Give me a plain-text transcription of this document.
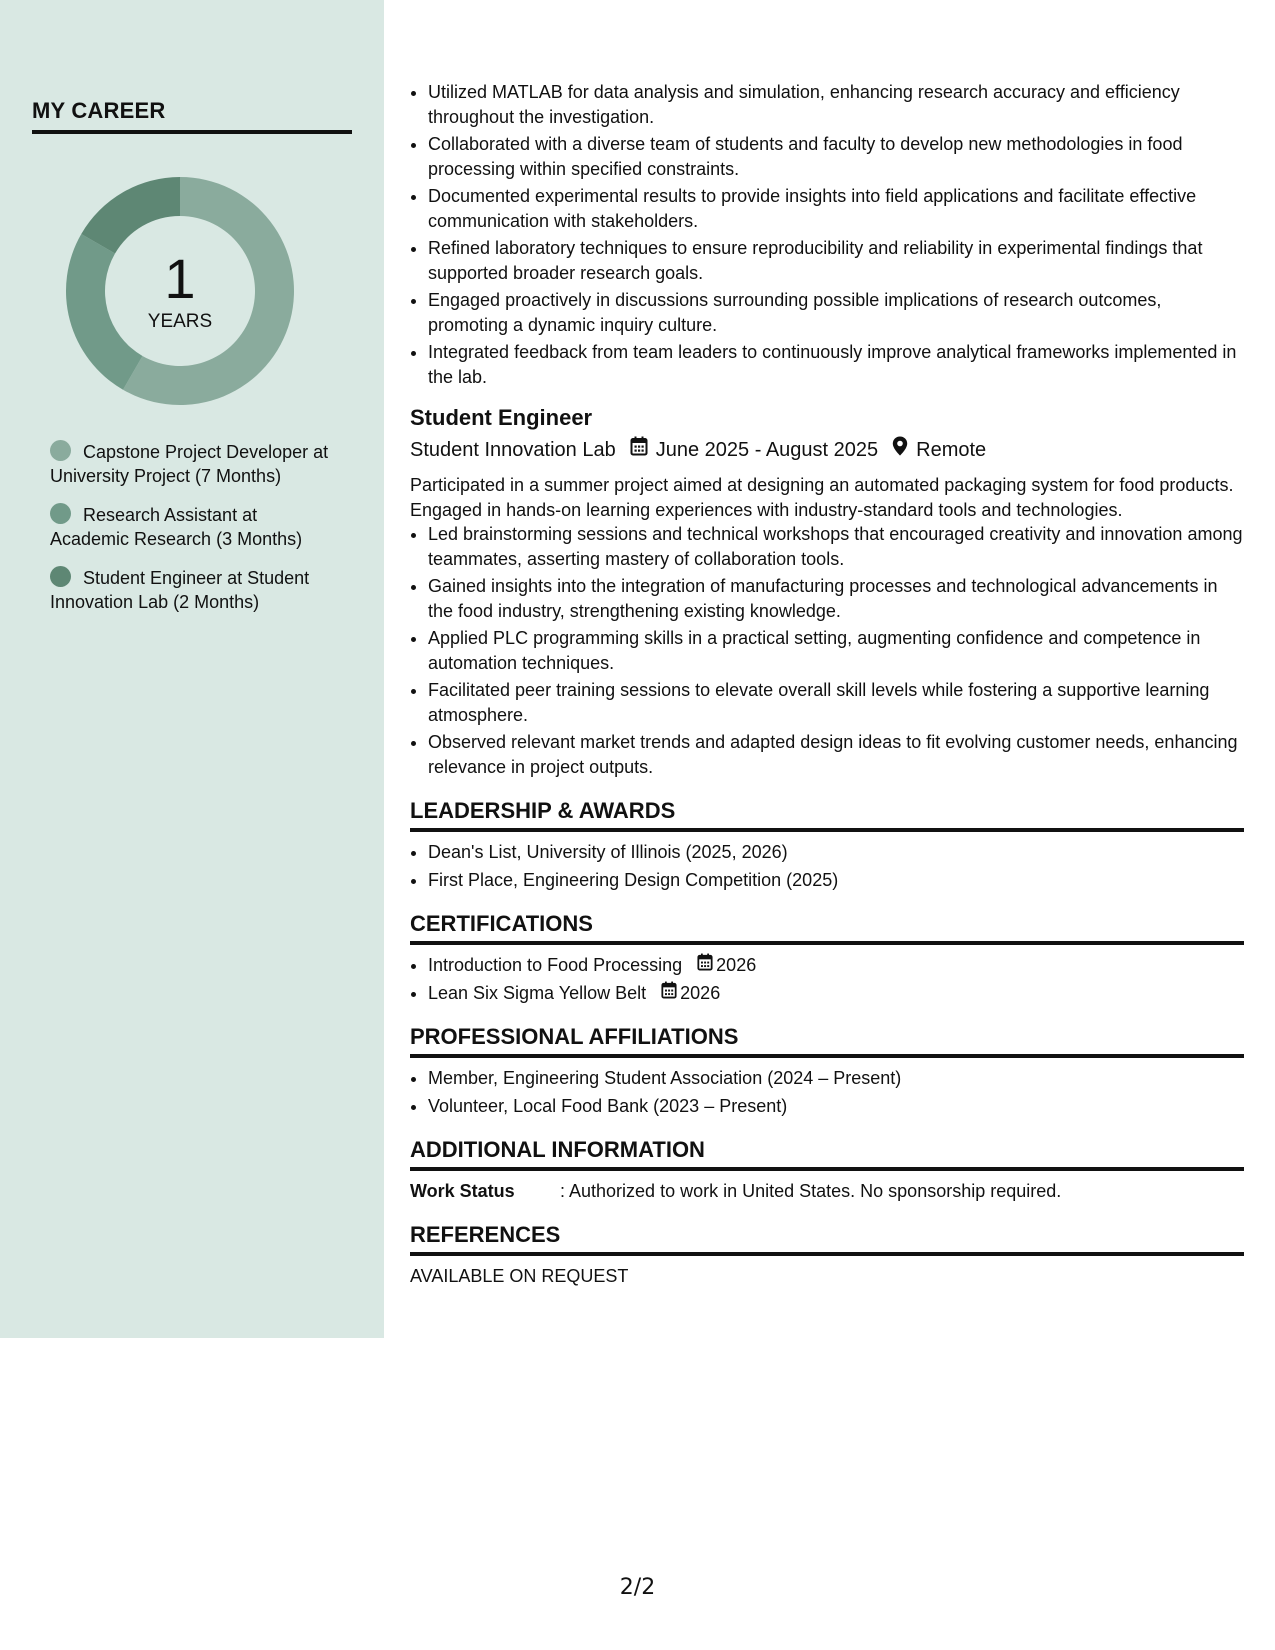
MY CAREER
1
YEARS
Capstone Project Developer at University Project (7 Months)
Research Assistant at Academic Research (3 Months)
Student Engineer at Student Innovation Lab (2 Months)
• Utilized MATLAB for data analysis and simulation, enhancing research accuracy and efficiency throughout the investigation.
• Collaborated with a diverse team of students and faculty to develop new methodologies in food processing within specified constraints.
• Documented experimental results to provide insights into field applications and facilitate effective communication with stakeholders.
• Refined laboratory techniques to ensure reproducibility and reliability in experimental findings that supported broader research goals.
• Engaged proactively in discussions surrounding possible implications of research outcomes, promoting a dynamic inquiry culture.
• Integrated feedback from team leaders to continuously improve analytical frameworks implemented in the lab.
Student Engineer
Student Innovation Lab June 2025 - August 2025 Remote
Participated in a summer project aimed at designing an automated packaging system for food products. Engaged in hands-on learning experiences with industry-standard tools and technologies.
• Led brainstorming sessions and technical workshops that encouraged creativity and innovation among teammates, asserting mastery of collaboration tools.
• Gained insights into the integration of manufacturing processes and technological advancements in the food industry, strengthening existing knowledge.
• Applied PLC programming skills in a practical setting, augmenting confidence and competence in automation techniques.
• Facilitated peer training sessions to elevate overall skill levels while fostering a supportive learning atmosphere.
• Observed relevant market trends and adapted design ideas to fit evolving customer needs, enhancing relevance in project outputs.
LEADERSHIP & AWARDS
• Dean's List, University of Illinois (2025, 2026)
• First Place, Engineering Design Competition (2025)
CERTIFICATIONS
• Introduction to Food Processing 2026
• Lean Six Sigma Yellow Belt 2026
PROFESSIONAL AFFILIATIONS
• Member, Engineering Student Association (2024 – Present)
• Volunteer, Local Food Bank (2023 – Present)
ADDITIONAL INFORMATION
Work Status	: Authorized to work in United States. No sponsorship required.
REFERENCES
AVAILABLE ON REQUEST
2/2
